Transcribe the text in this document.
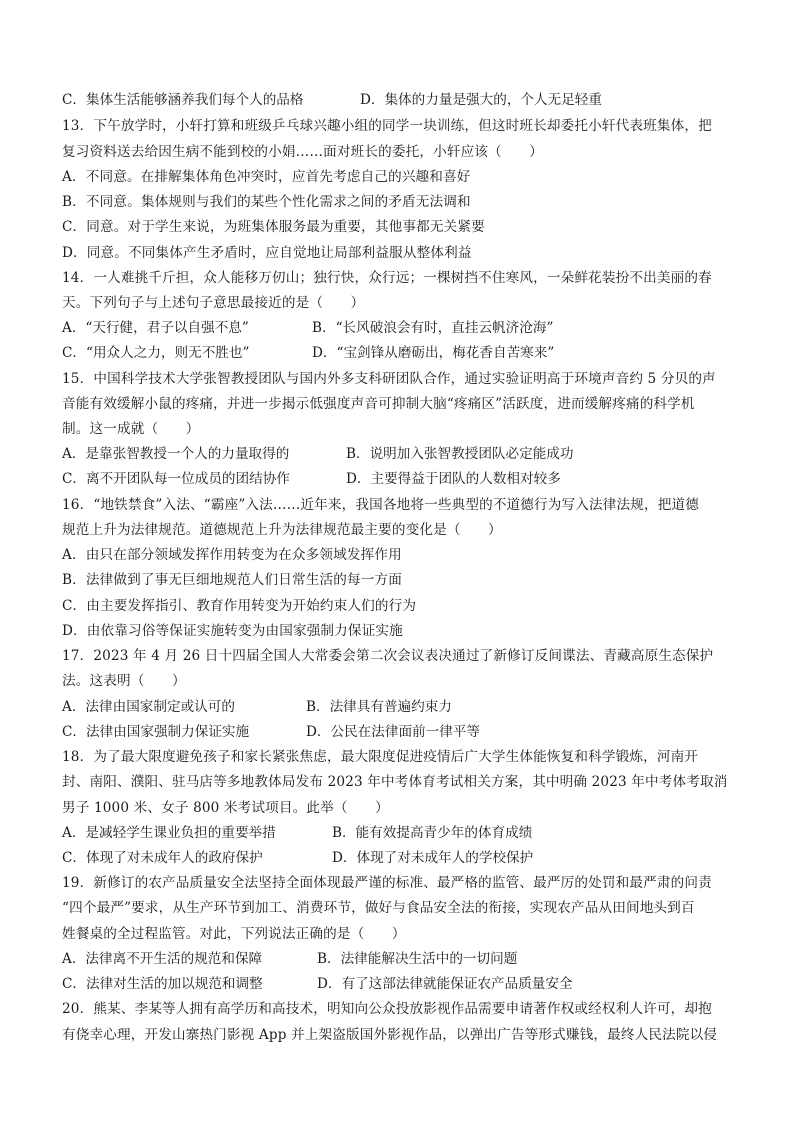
C．集体生活能够涵养我们每个人的品格	D．集体的力量是强大的，个人无足轻重
13．下午放学时，小轩打算和班级乒乓球兴趣小组的同学一块训练，但这时班长却委托小轩代表班集体，把
复习资料送去给因生病不能到校的小娟……面对班长的委托，小轩应该（　　）
A．不同意。在排解集体角色冲突时，应首先考虑自己的兴趣和喜好
B．不同意。集体规则与我们的某些个性化需求之间的矛盾无法调和
C．同意。对于学生来说，为班集体服务最为重要，其他事都无关紧要
D．同意。不同集体产生矛盾时，应自觉地让局部利益服从整体利益
14．一人难挑千斤担，众人能移万仞山；独行快，众行远；一棵树挡不住寒风，一朵鲜花装扮不出美丽的春
天。下列句子与上述句子意思最接近的是（　　）
A．“天行健，君子以自强不息”	B．“长风破浪会有时，直挂云帆济沧海”
C．“用众人之力，则无不胜也”	D．“宝剑锋从磨砺出，梅花香自苦寒来”
15．中国科学技术大学张智教授团队与国内外多支科研团队合作，通过实验证明高于环境声音约 5 分贝的声
音能有效缓解小鼠的疼痛，并进一步揭示低强度声音可抑制大脑“疼痛区”活跃度，进而缓解疼痛的科学机
制。这一成就（　　）
A．是靠张智教授一个人的力量取得的	B．说明加入张智教授团队必定能成功
C．离不开团队每一位成员的团结协作	D．主要得益于团队的人数相对较多
16．“地铁禁食”入法、“霸座”入法……近年来，我国各地将一些典型的不道德行为写入法律法规，把道德
规范上升为法律规范。道德规范上升为法律规范最主要的变化是（　　）
A．由只在部分领域发挥作用转变为在众多领域发挥作用
B．法律做到了事无巨细地规范人们日常生活的每一方面
C．由主要发挥指引、教育作用转变为开始约束人们的行为
D．由依靠习俗等保证实施转变为由国家强制力保证实施
17．2023 年 4 月 26 日十四届全国人大常委会第二次会议表决通过了新修订反间谍法、青藏高原生态保护
法。这表明（　　）
A．法律由国家制定或认可的	B．法律具有普遍约束力
C．法律由国家强制力保证实施	D．公民在法律面前一律平等
18．为了最大限度避免孩子和家长紧张焦虑，最大限度促进疫情后广大学生体能恢复和科学锻炼，河南开
封、南阳、濮阳、驻马店等多地教体局发布 2023 年中考体育考试相关方案，其中明确 2023 年中考体考取消
男子 1000 米、女子 800 米考试项目。此举（　　）
A．是减轻学生课业负担的重要举措	B．能有效提高青少年的体育成绩
C．体现了对未成年人的政府保护	D．体现了对未成年人的学校保护
19．新修订的农产品质量安全法坚持全面体现最严谨的标准、最严格的监管、最严厉的处罚和最严肃的问责
“四个最严”要求，从生产环节到加工、消费环节，做好与食品安全法的衔接，实现农产品从田间地头到百
姓餐桌的全过程监管。对此，下列说法正确的是（　　）
A．法律离不开生活的规范和保障	B．法律能解决生活中的一切问题
C．法律对生活的加以规范和调整	D．有了这部法律就能保证农产品质量安全
20．熊某、李某等人拥有高学历和高技术，明知向公众投放影视作品需要申请著作权或经权利人许可，却抱
有侥幸心理，开发山寨热门影视 App 并上架盗版国外影视作品，以弹出广告等形式赚钱，最终人民法院以侵
